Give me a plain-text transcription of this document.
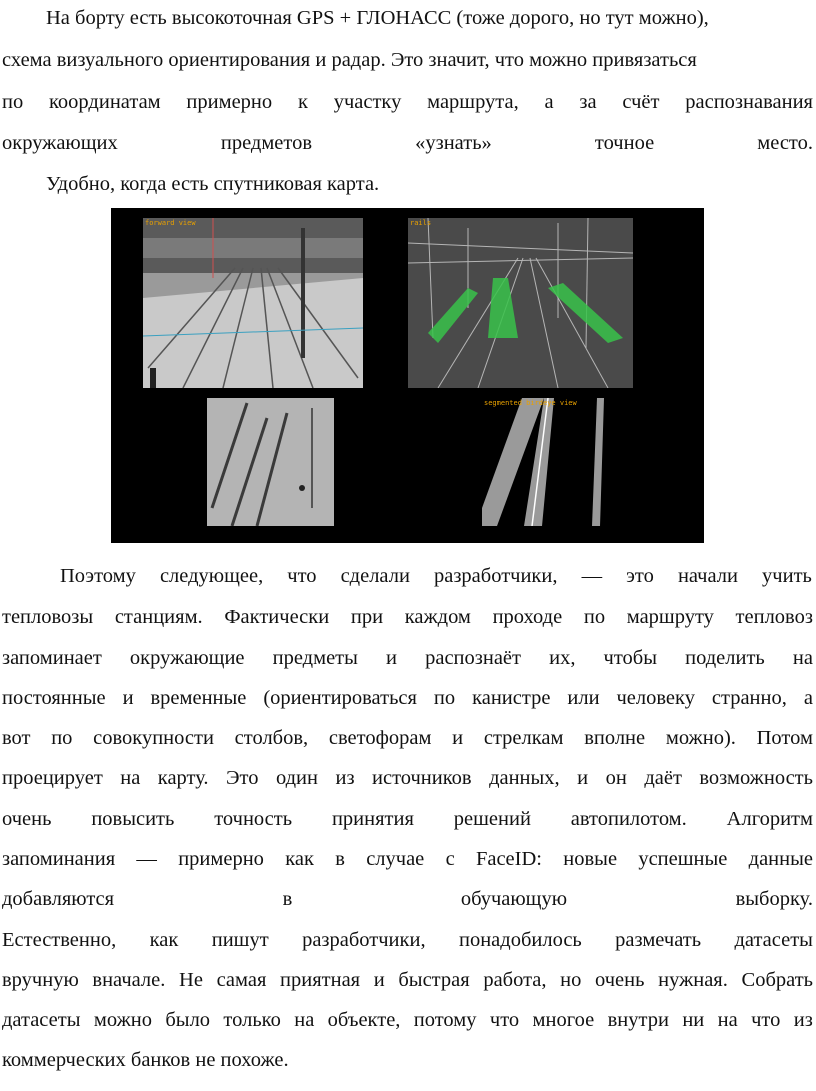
На борту есть высокоточная GPS + ГЛОНАСС (тоже дорого, но тут можно),
схема визуального ориентирования и радар. Это значит, что можно привязаться
по координатам примерно к участку маршрута, а за счёт распознавания
окружающих	предметов	«узнать»	точное	место.
Удобно, когда есть спутниковая карта.
forward view	rails
segmented birdeye view
Поэтому следующее, что сделали разработчики, — это начали учить
тепловозы станциям. Фактически при каждом проходе по маршруту тепловоз
запоминает окружающие предметы и распознаёт их, чтобы поделить на
постоянные и временные (ориентироваться по канистре или человеку странно, а
вот по совокупности столбов, светофорам и стрелкам вполне можно). Потом
проецирует на карту. Это один из источников данных, и он даёт возможность
очень повысить точность принятия решений автопилотом. Алгоритм
запоминания — примерно как в случае с FaceID: новые успешные данные
добавляются	в	обучающую	выборку.
Естественно, как пишут разработчики, понадобилось размечать датасеты
вручную вначале. Не самая приятная и быстрая работа, но очень нужная. Собрать
датасеты можно было только на объекте, потому что многое внутри ни на что из
коммерческих банков не похоже.
